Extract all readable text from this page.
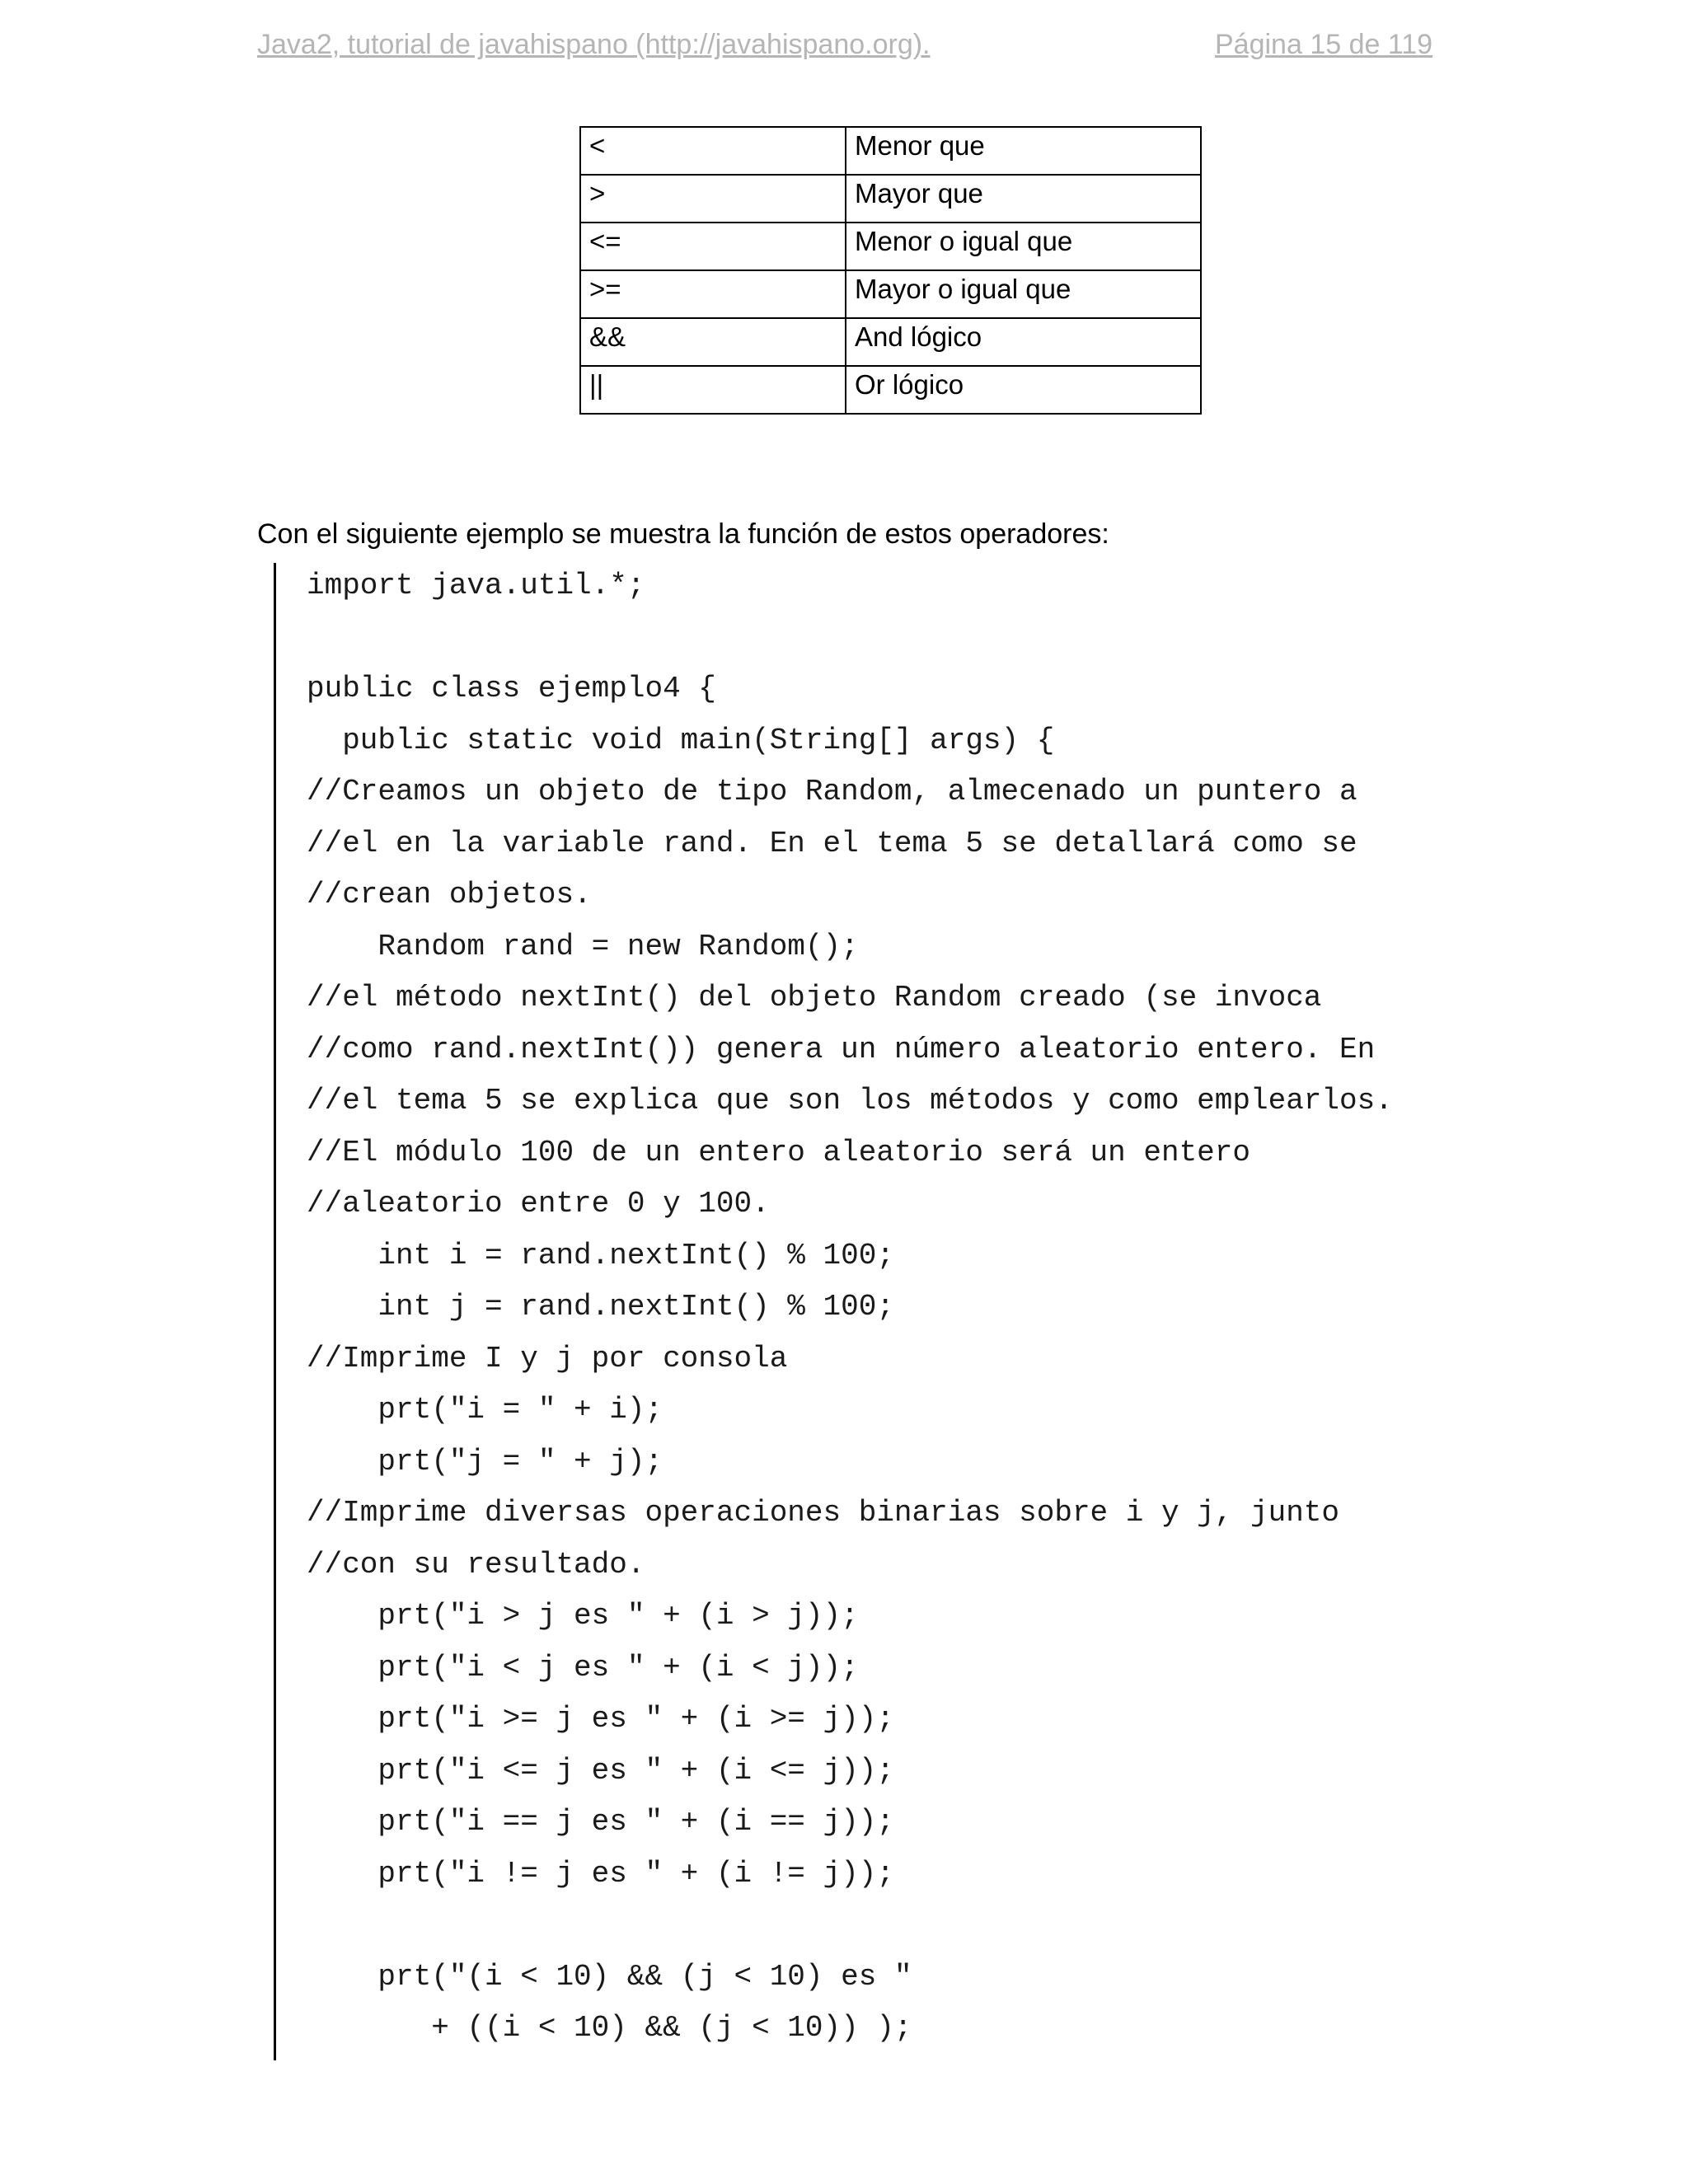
Java2, tutorial de javahispano (http://javahispano.org).	Página 15 de 119
<	Menor que
>	Mayor que
<=	Menor o igual que
>=	Mayor o igual que
&&	And lógico
||	Or lógico
Con el siguiente ejemplo se muestra la función de estos operadores:
import java.util.*;
public class ejemplo4 {
public static void main(String[] args) {
//Creamos un objeto de tipo Random, almecenado un puntero a
//el en la variable rand. En el tema 5 se detallará como se
//crean objetos.
Random rand = new Random();
//el método nextInt() del objeto Random creado (se invoca
//como rand.nextInt()) genera un número aleatorio entero. En
//el tema 5 se explica que son los métodos y como emplearlos.
//El módulo 100 de un entero aleatorio será un entero
//aleatorio entre 0 y 100.
int i = rand.nextInt() % 100;
int j = rand.nextInt() % 100;
//Imprime I y j por consola
prt("i = " + i);
prt("j = " + j);
//Imprime diversas operaciones binarias sobre i y j, junto
//con su resultado.
prt("i > j es " + (i > j));
prt("i < j es " + (i < j));
prt("i >= j es " + (i >= j));
prt("i <= j es " + (i <= j));
prt("i == j es " + (i == j));
prt("i != j es " + (i != j));
prt("(i < 10) && (j < 10) es "
+ ((i < 10) && (j < 10)) );
